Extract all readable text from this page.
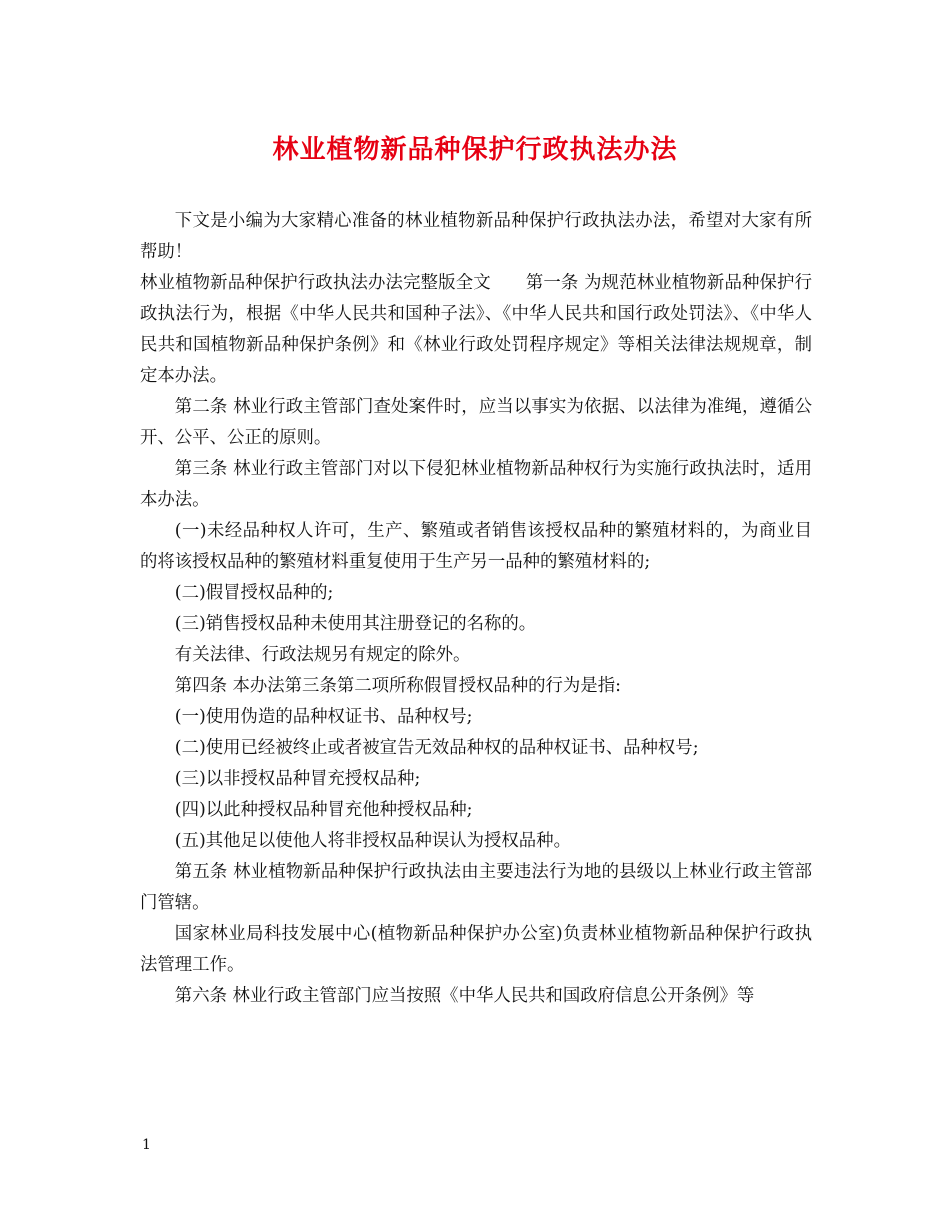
林业植物新品种保护行政执法办法

下文是小编为大家精心准备的林业植物新品种保护行政执法办法，希望对大家有所帮助！

林业植物新品种保护行政执法办法完整版全文　　第一条 为规范林业植物新品种保护行政执法行为，根据《中华人民共和国种子法》、《中华人民共和国行政处罚法》、《中华人民共和国植物新品种保护条例》和《林业行政处罚程序规定》等相关法律法规规章，制定本办法。

第二条 林业行政主管部门查处案件时，应当以事实为依据、以法律为准绳，遵循公开、公平、公正的原则。

第三条 林业行政主管部门对以下侵犯林业植物新品种权行为实施行政执法时，适用本办法。

(一)未经品种权人许可，生产、繁殖或者销售该授权品种的繁殖材料的，为商业目的将该授权品种的繁殖材料重复使用于生产另一品种的繁殖材料的;

(二)假冒授权品种的;

(三)销售授权品种未使用其注册登记的名称的。

有关法律、行政法规另有规定的除外。

第四条 本办法第三条第二项所称假冒授权品种的行为是指:

(一)使用伪造的品种权证书、品种权号;

(二)使用已经被终止或者被宣告无效品种权的品种权证书、品种权号;

(三)以非授权品种冒充授权品种;

(四)以此种授权品种冒充他种授权品种;

(五)其他足以使他人将非授权品种误认为授权品种。

第五条 林业植物新品种保护行政执法由主要违法行为地的县级以上林业行政主管部门管辖。

国家林业局科技发展中心(植物新品种保护办公室)负责林业植物新品种保护行政执法管理工作。

第六条 林业行政主管部门应当按照《中华人民共和国政府信息公开条例》等

1
